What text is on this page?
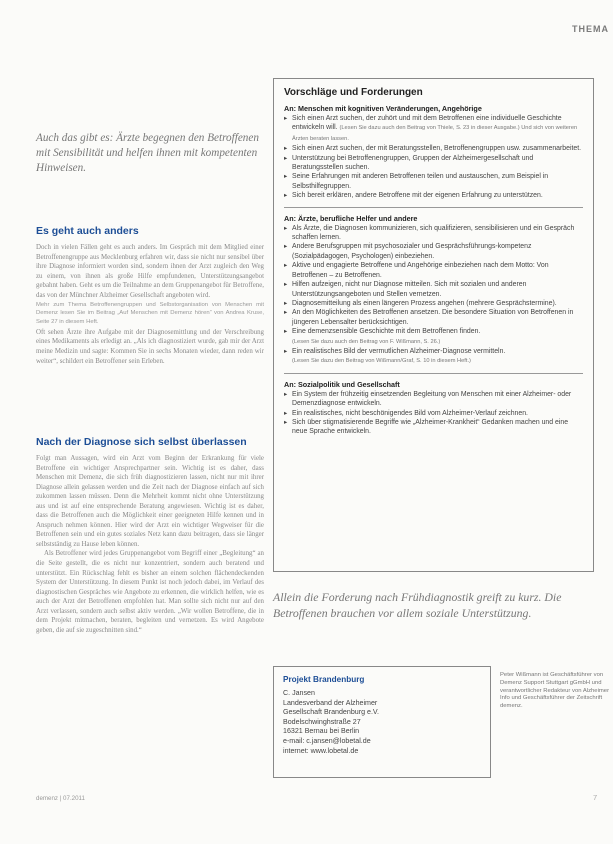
THEMA
Auch das gibt es: Ärzte begegnen den Betroffenen mit Sensibilität und helfen ihnen mit kompetenten Hinweisen.
Es geht auch anders

Doch in vielen Fällen geht es auch anders. Im Gespräch mit dem Mitglied einer Betroffenengruppe aus Mecklenburg erfahren wir, dass sie nicht nur sensibel über ihre Diagnose informiert worden sind, sondern ihnen der Arzt zugleich den Weg zu einem, von ihnen als große Hilfe empfundenen, Unterstützungsangebot gebahnt haben. Geht es um die Teilnahme an dem Gruppenangebot für Betroffene, das von der Münchner Alzheimer Gesellschaft angeboten wird.

Mehr zum Thema Betroffenengruppen und Selbstorganisation von Menschen mit Demenz lesen Sie im Beitrag „Auf Menschen mit Demenz hören“ von Andrea Kruse, Seite 27 in diesem Heft.

Oft sehen Ärzte ihre Aufgabe mit der Diagnosemittlung und der Verschreibung eines Medikaments als erledigt an. „Als ich diagnostiziert wurde, gab mir der Arzt meine Medizin und sagte: Kommen Sie in sechs Monaten wieder, dann reden wir weiter“, schildert ein Betroffener sein Erleben.

Nach der Diagnose sich selbst überlassen

Folgt man Aussagen, wird ein Arzt vom Beginn der Erkrankung für viele Betroffene ein wichtiger Ansprechpartner sein. Wichtig ist es daher, dass Menschen mit Demenz, die sich früh diagnostizieren lassen, nicht nur mit ihrer Diagnose allein gelassen werden und die Zeit nach der Diagnose einfach auf sich zukommen lassen müssen. Denn die Mehrheit kommt nicht ohne Unterstützung aus und ist auf eine entsprechende Beratung angewiesen. Wichtig ist es daher, dass die Betroffenen auch die Möglichkeit einer geeigneten Hilfe kennen und in Anspruch nehmen können. Hier wird der Arzt ein wichtiger Wegweiser für die Betroffenen sein und ein gutes soziales Netz kann dazu beitragen, dass sie länger selbstständig zu Hause leben können.

Als Betroffener wird jedes Gruppenangebot vom Begriff einer „Begleitung“ an die Seite gestellt, die es nicht nur konzentriert, sondern auch beratend und unterstützt. Ein Rückschlag fehlt es bisher an einem solchen flächendeckenden System der Unterstützung. In diesem Punkt ist noch jedoch dabei, im Verlauf des diagnostischen Gespräches wie Angebote zu erkennen, die wirklich helfen, wie es auch der Arzt der Betroffenen empfohlen hat. Man sollte sich nicht nur auf den Arzt verlassen, sondern auch selbst aktiv werden. „Wir wollen Betroffene, die in dem Projekt mitmachen, beraten, begleiten und vernetzen. Es wird Angebote geben, die auf sie zugeschnitten sind.“

Vorschläge und Forderungen
An: Menschen mit kognitiven Veränderungen, Angehörige
▸ Sich einen Arzt suchen, der zuhört und mit dem Betroffenen eine individuelle Geschichte entwickeln will. (Lesen Sie dazu auch den Beitrag von Thiele, S. 23 in dieser Ausgabe.) Und sich von weiteren Ärzten beraten lassen.
▸ Sich einen Arzt suchen, der mit Beratungsstellen, Betroffenengruppen usw. zusammenarbeitet.
▸ Unterstützung bei Betroffenengruppen, Gruppen der Alzheimergesellschaft und Beratungsstellen suchen.
▸ Seine Erfahrungen mit anderen Betroffenen teilen und austauschen, zum Beispiel in Selbsthilfegruppen.
▸ Sich bereit erklären, andere Betroffene mit der eigenen Erfahrung zu unterstützen.
An: Ärzte, berufliche Helfer und andere
▸ Als Ärzte, die Diagnosen kommunizieren, sich qualifizieren, sensibilisieren und ein Gespräch schaffen lernen.
▸ Andere Berufsgruppen mit psychosozialer und Gesprächsführungs-kompetenz (Sozialpädagogen, Psychologen) einbeziehen.
▸ Aktive und engagierte Betroffene und Angehörige einbeziehen nach dem Motto: Von Betroffenen – zu Betroffenen.
▸ Hilfen aufzeigen, nicht nur Diagnose mitteilen. Sich mit sozialen und anderen Unterstützungsangeboten und Stellen vernetzen.
▸ Diagnosemitteilung als einen längeren Prozess angehen (mehrere Gesprächstermine).
▸ An den Möglichkeiten des Betroffenen ansetzen. Die besondere Situation von Betroffenen in jüngeren Lebensalter berücksichtigen.
▸ Eine demenzsensible Geschichte mit dem Betroffenen finden.
(Lesen Sie dazu auch den Beitrag von F. Wißmann, S. 26.)
▸ Ein realistisches Bild der vermutlichen Alzheimer-Diagnose vermitteln.
(Lesen Sie dazu den Beitrag von Wißmann/Graf, S. 10 in diesem Heft.)
An: Sozialpolitik und Gesellschaft
▸ Ein System der frühzeitig einsetzenden Begleitung von Menschen mit einer Alzheimer- oder Demenzdiagnose entwickeln.
▸ Ein realistisches, nicht beschönigendes Bild vom Alzheimer-Verlauf zeichnen.
▸ Sich über stigmatisierende Begriffe wie „Alzheimer-Krankheit“ Gedanken machen und eine neue Sprache entwickeln.
Allein die Forderung nach Frühdiagnostik greift zu kurz. Die Betroffenen brauchen vor allem soziale Unterstützung.
Projekt Brandenburg
C. Jansen
Landesverband der Alzheimer
Gesellschaft Brandenburg e.V.
Bodelschwinghstraße 27
16321 Bernau bei Berlin
e-mail: c.jansen@lobetal.de
internet: www.lobetal.de
Peter Wißmann ist Geschäftsführer von Demenz Support Stuttgart gGmbH und verantwortlicher Redakteur von Alzheimer Info und Geschäftsführer der Zeitschrift demenz.
demenz | 07.2011	7
